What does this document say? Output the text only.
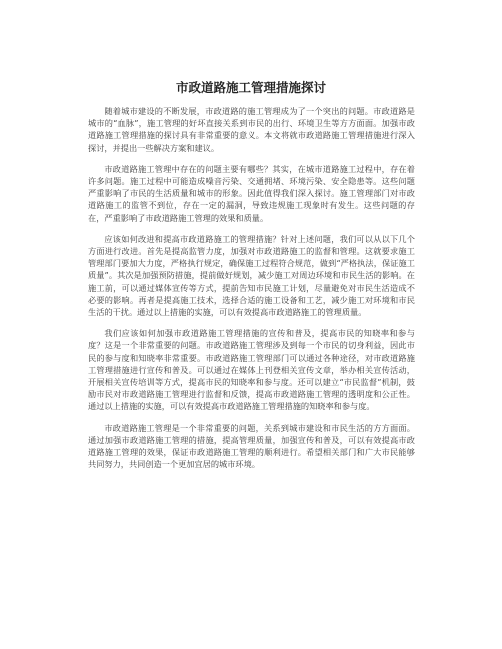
市政道路施工管理措施探讨

随着城市建设的不断发展，市政道路的施工管理成为了一个突出的问题。市政道路是城市的“血脉”，施工管理的好坏直接关系到市民的出行、环境卫生等方方面面。加强市政道路施工管理措施的探讨具有非常重要的意义。本文将就市政道路施工管理措施进行深入探讨，并提出一些解决方案和建议。

市政道路施工管理中存在的问题主要有哪些？其实，在城市道路施工过程中，存在着许多问题。施工过程中可能造成噪音污染、交通拥堵、环境污染、安全隐患等。这些问题严重影响了市民的生活质量和城市的形象。因此值得我们深入探讨。施工管理部门对市政道路施工的监管不到位，存在一定的漏洞，导致违规施工现象时有发生。这些问题的存在，严重影响了市政道路施工管理的效果和质量。

应该如何改进和提高市政道路施工的管理措施？针对上述问题，我们可以从以下几个方面进行改进。首先是提高监管力度，加强对市政道路施工的监督和管理。这就要求施工管理部门要加大力度，严格执行规定，确保施工过程符合规范，做到“严格执法，保证施工质量”。其次是加强预防措施，提前做好规划，减少施工对周边环境和市民生活的影响。在施工前，可以通过媒体宣传等方式，提前告知市民施工计划，尽量避免对市民生活造成不必要的影响。再者是提高施工技术，选择合适的施工设备和工艺，减少施工对环境和市民生活的干扰。通过以上措施的实施，可以有效提高市政道路施工的管理质量。

我们应该如何加强市政道路施工管理措施的宣传和普及，提高市民的知晓率和参与度？这是一个非常重要的问题。市政道路施工管理涉及到每一个市民的切身利益，因此市民的参与度和知晓率非常重要。市政道路施工管理部门可以通过各种途径，对市政道路施工管理措施进行宣传和普及。可以通过在媒体上刊登相关宣传文章，举办相关宣传活动，开展相关宣传培训等方式，提高市民的知晓率和参与度。还可以建立“市民监督”机制，鼓励市民对市政道路施工管理进行监督和反馈，提高市政道路施工管理的透明度和公正性。通过以上措施的实施，可以有效提高市政道路施工管理措施的知晓率和参与度。

市政道路施工管理是一个非常重要的问题，关系到城市建设和市民生活的方方面面。通过加强市政道路施工管理的措施，提高管理质量，加强宣传和普及，可以有效提高市政道路施工管理的效果，保证市政道路施工管理的顺利进行。希望相关部门和广大市民能够共同努力，共同创造一个更加宜居的城市环境。
